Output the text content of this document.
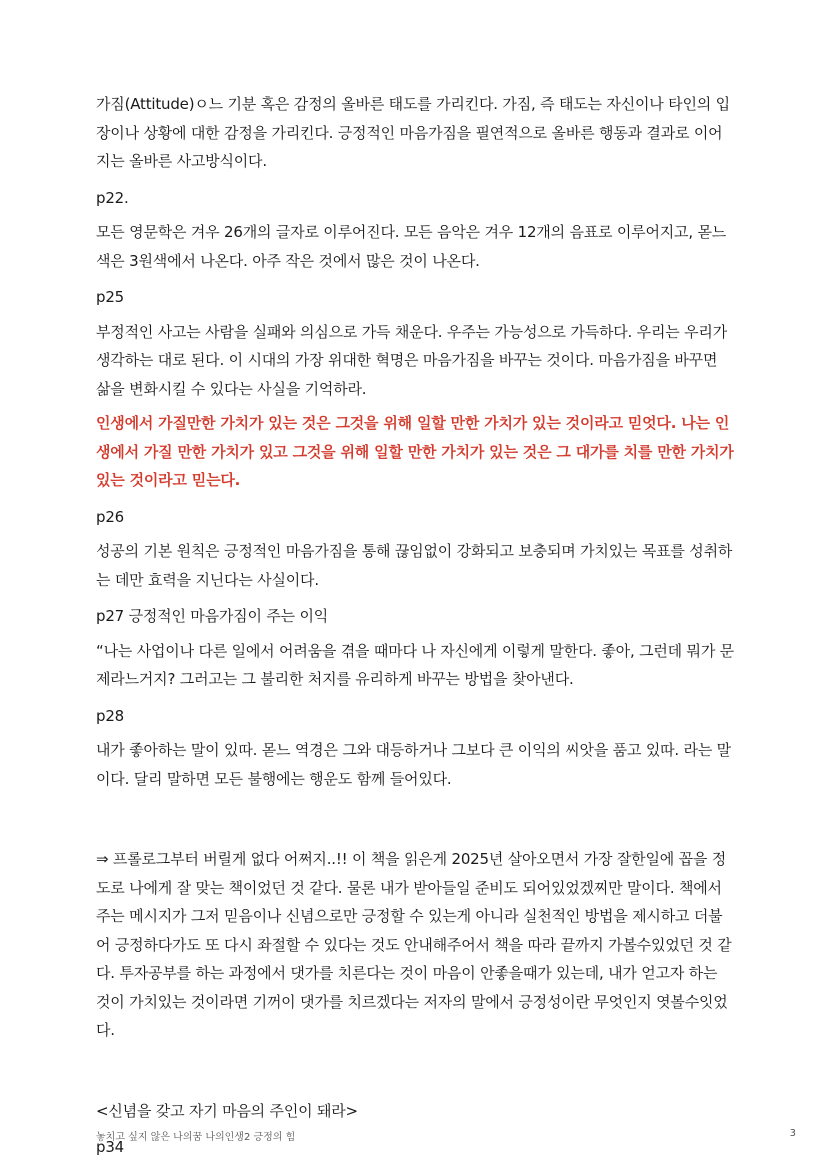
가짐(Attitude)ㅇ느 기분 혹은 감정의 올바른 태도를 가리킨다. 가짐, 즉 태도는 자신이나 타인의 입장이나 상황에 대한 감정을 가리킨다. 긍정적인 마음가짐을 필연적으로 올바른 행동과 결과로 이어지는 올바른 사고방식이다.

p22.

모든 영문학은 겨우 26개의 글자로 이루어진다. 모든 음악은 겨우 12개의 음표로 이루어지고, 몯느 색은 3원색에서 나온다. 아주 작은 것에서 많은 것이 나온다.

p25

부정적인 사고는 사람을 실패와 의심으로 가득 채운다. 우주는 가능성으로 가득하다. 우리는 우리가 생각하는 대로 된다. 이 시대의 가장 위대한 혁명은 마음가짐을 바꾸는 것이다. 마음가짐을 바꾸면 삶을 변화시킬 수 있다는 사실을 기억하라.

인생에서 가질만한 가치가 있는 것은 그것을 위해 일할 만한 가치가 있는 것이라고 믿엇다. 나는 인생에서 가질 만한 가치가 있고 그것을 위해 일할 만한 가치가 있는 것은 그 대가를 치를 만한 가치가 있는 것이라고 믿는다.

p26

성공의 기본 원칙은 긍정적인 마음가짐을 통해 끊임없이 강화되고 보충되며 가치있는 목표를 성취하는 데만 효력을 지닌다는 사실이다.

p27 긍정적인 마음가짐이 주는 이익

“나는 사업이나 다른 일에서 어려움을 겪을 때마다 나 자신에게 이렇게 말한다. 좋아, 그런데 뭐가 문제라느거지? 그러고는 그 불리한 처지를 유리하게 바꾸는 방법을 찾아낸다.

p28

내가 좋아하는 말이 있따. 몯느 역경은 그와 대등하거나 그보다 큰 이익의 씨앗을 품고 있따. 라는 말이다. 달리 말하면 모든 불행에는 행운도 함께 들어있다.

⇒ 프롤로그부터 버릴게 없다 어쩌지..!! 이 책을 읽은게 2025년 살아오면서 가장 잘한일에 꼽을 정도로 나에게 잘 맞는 책이었던 것 같다. 물론 내가 받아들일 준비도 되어있었겠찌만 말이다. 책에서 주는 메시지가 그저 믿음이나 신념으로만 긍정할 수 있는게 아니라 실천적인 방법을 제시하고 더불어 긍정하다가도 또 다시 좌절할 수 있다는 것도 안내해주어서 책을 따라 끝까지 가볼수있었던 것 같다. 투자공부를 하는 과정에서 댓가를 치른다는 것이 마음이 안좋을때가 있는데, 내가 얻고자 하는 것이 가치있는 것이라면 기꺼이 댓가를 치르겠다는 저자의 말에서 긍정성이란 무엇인지 엿볼수잇었다.

<신념을 갖고 자기 마음의 주인이 돼라>

p34

놓치고 싶지 않은 나의꿈 나의인생2 긍정의 힘	3
